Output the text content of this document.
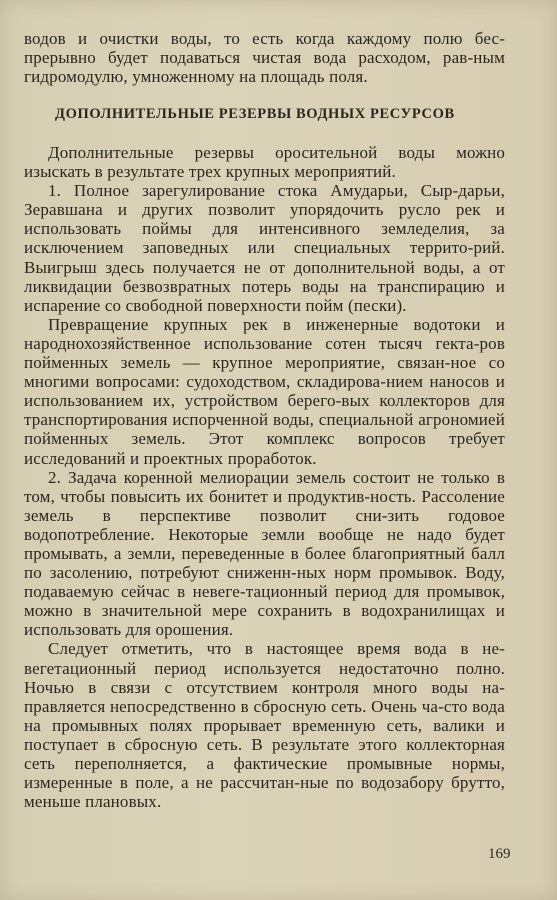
водов и очистки воды, то есть когда каждому полю бес-прерывно будет подаваться чистая вода расходом, рав-ным гидромодулю, умноженному на площадь поля.

ДОПОЛНИТЕЛЬНЫЕ РЕЗЕРВЫ ВОДНЫХ РЕСУРСОВ

Дополнительные резервы оросительной воды можно изыскать в результате трех крупных мероприятий.

1. Полное зарегулирование стока Амударьи, Сыр-дарьи, Зеравшана и других позволит упорядочить русло рек и использовать поймы для интенсивного земледелия, за исключением заповедных или специальных террито-рий. Выигрыш здесь получается не от дополнительной воды, а от ликвидации безвозвратных потерь воды на транспирацию и испарение со свободной поверхности пойм (пески).

Превращение крупных рек в инженерные водотоки и народнохозяйственное использование сотен тысяч гекта-ров пойменных земель — крупное мероприятие, связан-ное со многими вопросами: судоходством, складирова-нием наносов и использованием их, устройством берего-вых коллекторов для транспортирования испорченной воды, специальной агрономией пойменных земель. Этот комплекс вопросов требует исследований и проектных проработок.

2. Задача коренной мелиорации земель состоит не только в том, чтобы повысить их бонитет и продуктив-ность. Рассоление земель в перспективе позволит сни-зить годовое водопотребление. Некоторые земли вообще не надо будет промывать, а земли, переведенные в более благоприятный балл по засолению, потребуют сниженн-ных норм промывок. Воду, подаваемую сейчас в невеге-тационный период для промывок, можно в значительной мере сохранить в водохранилищах и использовать для орошения.

Следует отметить, что в настоящее время вода в не-вегетационный период используется недостаточно полно. Ночью в связи с отсутствием контроля много воды на-правляется непосредственно в сбросную сеть. Очень ча-сто вода на промывных полях прорывает временную сеть, валики и поступает в сбросную сеть. В результате этого коллекторная сеть переполняется, а фактические промывные нормы, измеренные в поле, а не рассчитан-ные по водозабору брутто, меньше плановых.

169
